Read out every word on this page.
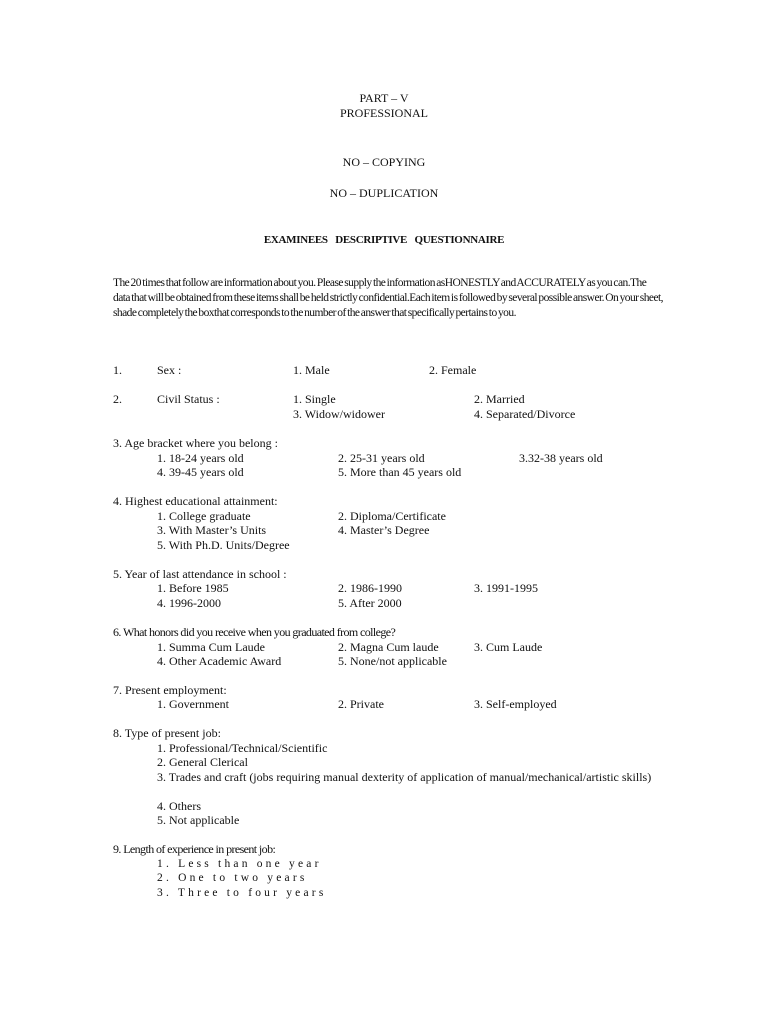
PART – V
PROFESSIONAL
NO – COPYING
NO – DUPLICATION
EXAMINEES DESCRIPTIVE QUESTIONNAIRE
The 20 times that follow are information about you. Please supply the information asHONESTLY and ACCURATELY as you can.The data that will be obtained from these items shall be held strictly confidential.Each item is followed by several possible answer. On your sheet, shade completely the boxthat corresponds to the number of the answer that specifically pertains to you.
1.	Sex :	1. Male	2. Female
2.	Civil Status :	1. Single	2. Married
3. Widow/widower	4. Separated/Divorce
3. Age bracket where you belong :
1. 18-24 years old	2. 25-31 years old	3.32-38 years old
4. 39-45 years old	5. More than 45 years old
4. Highest educational attainment:
1. College graduate	2. Diploma/Certificate
3. With Master’s Units	4. Master’s Degree
5. With Ph.D. Units/Degree
5. Year of last attendance in school :
1. Before 1985	2. 1986-1990	3. 1991-1995
4. 1996-2000	5. After 2000
6. What honors did you receive when you graduated from college?
1. Summa Cum Laude	2. Magna Cum laude	3. Cum Laude
4. Other Academic Award	5. None/not applicable
7. Present employment:
1. Government	2. Private	3. Self-employed
8. Type of present job:
1. Professional/Technical/Scientific
2. General Clerical
3. Trades and craft (jobs requiring manual dexterity of application of manual/mechanical/artistic skills)
4. Others
5. Not applicable
9. Length of experience in present job:
1. Less than one year
2. One to two years
3. Three to four years
